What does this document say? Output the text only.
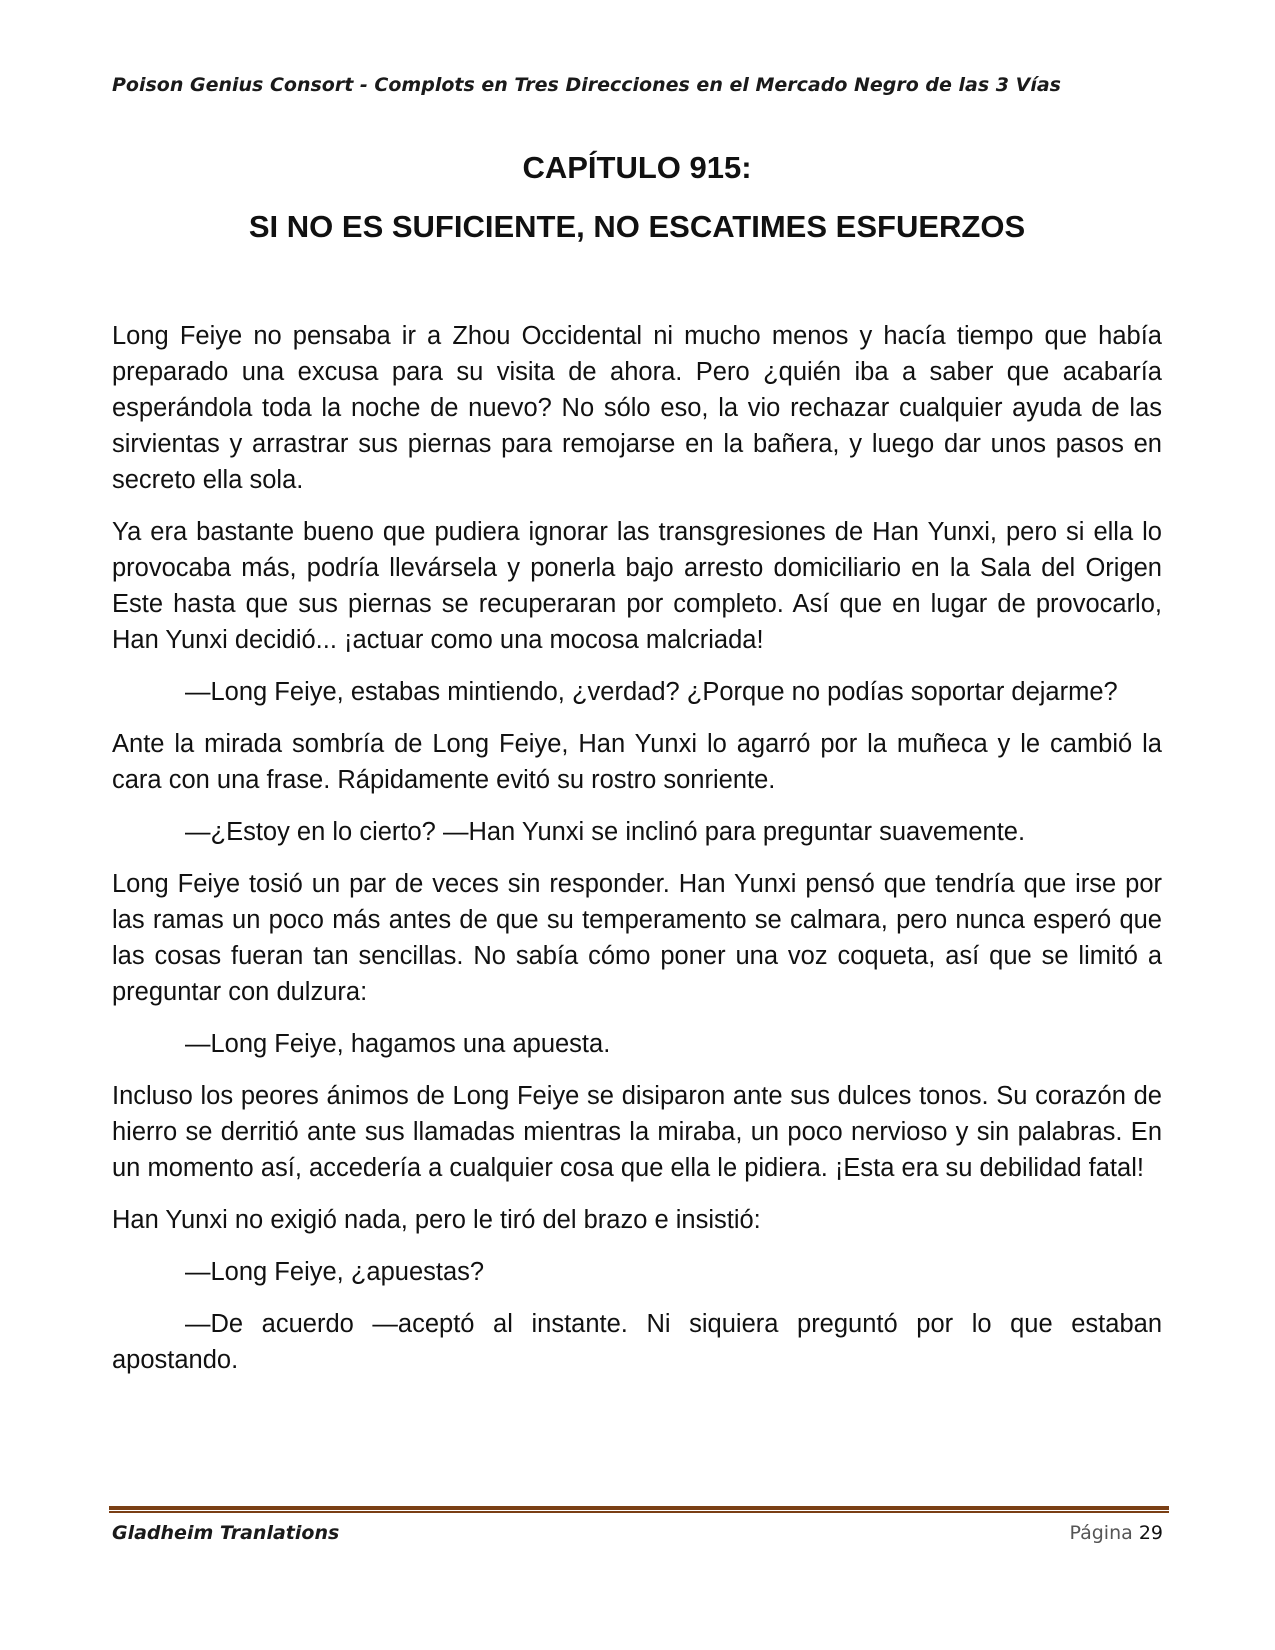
Poison Genius Consort - Complots en Tres Direcciones en el Mercado Negro de las 3 Vías
CAPÍTULO 915:
SI NO ES SUFICIENTE, NO ESCATIMES ESFUERZOS

Long Feiye no pensaba ir a Zhou Occidental ni mucho menos y hacía tiempo que había preparado una excusa para su visita de ahora. Pero ¿quién iba a saber que acabaría esperándola toda la noche de nuevo? No sólo eso, la vio rechazar cualquier ayuda de las sirvientas y arrastrar sus piernas para remojarse en la bañera, y luego dar unos pasos en secreto ella sola.

Ya era bastante bueno que pudiera ignorar las transgresiones de Han Yunxi, pero si ella lo provocaba más, podría llevársela y ponerla bajo arresto domiciliario en la Sala del Origen Este hasta que sus piernas se recuperaran por completo. Así que en lugar de provocarlo, Han Yunxi decidió... ¡actuar como una mocosa malcriada!

—Long Feiye, estabas mintiendo, ¿verdad? ¿Porque no podías soportar dejarme?

Ante la mirada sombría de Long Feiye, Han Yunxi lo agarró por la muñeca y le cambió la cara con una frase. Rápidamente evitó su rostro sonriente.

—¿Estoy en lo cierto? —Han Yunxi se inclinó para preguntar suavemente.

Long Feiye tosió un par de veces sin responder. Han Yunxi pensó que tendría que irse por las ramas un poco más antes de que su temperamento se calmara, pero nunca esperó que las cosas fueran tan sencillas. No sabía cómo poner una voz coqueta, así que se limitó a preguntar con dulzura:

—Long Feiye, hagamos una apuesta.

Incluso los peores ánimos de Long Feiye se disiparon ante sus dulces tonos. Su corazón de hierro se derritió ante sus llamadas mientras la miraba, un poco nervioso y sin palabras. En un momento así, accedería a cualquier cosa que ella le pidiera. ¡Esta era su debilidad fatal!

Han Yunxi no exigió nada, pero le tiró del brazo e insistió:

—Long Feiye, ¿apuestas?

—De acuerdo —aceptó al instante. Ni siquiera preguntó por lo que estaban apostando.

Gladheim Tranlations	Página 29
